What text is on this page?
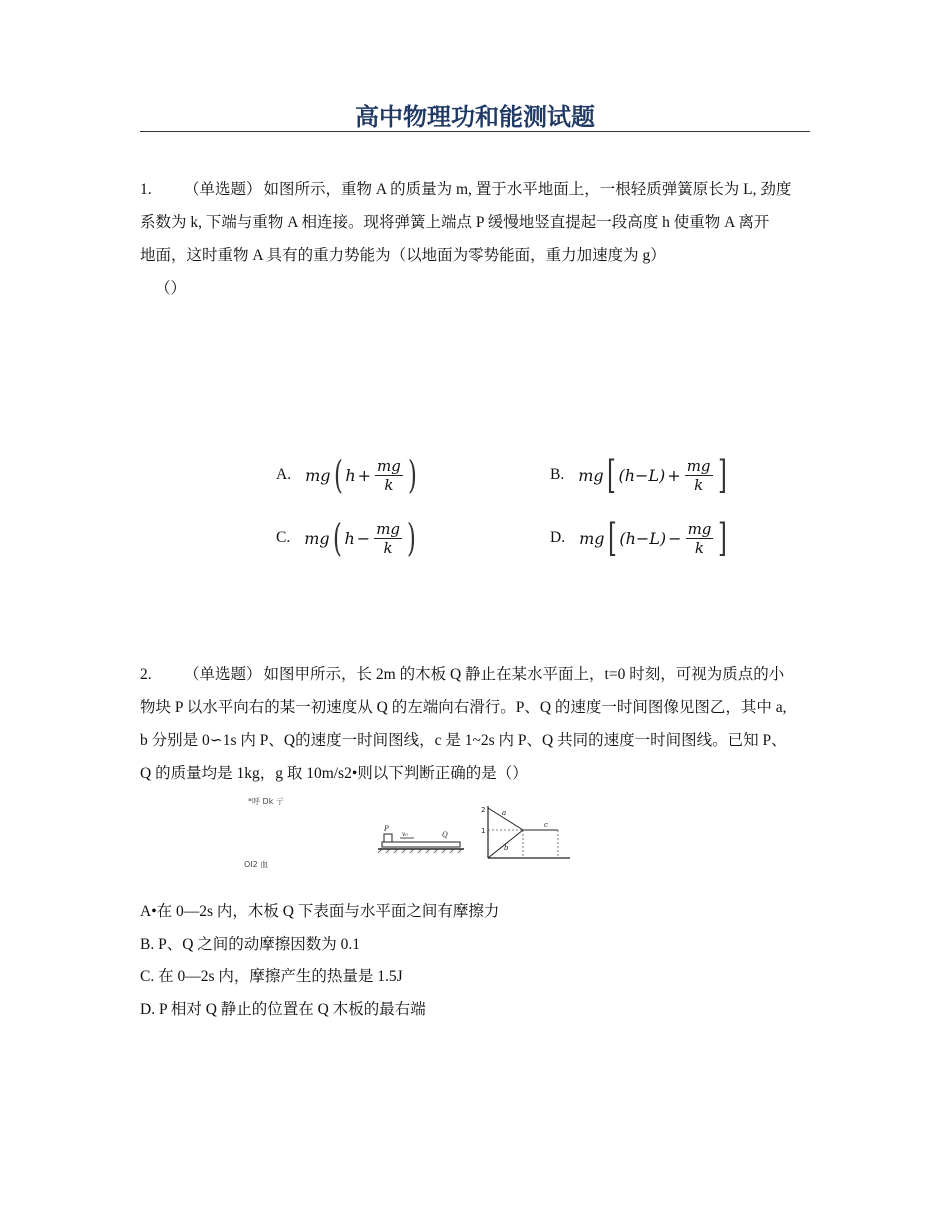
高中物理功和能测试题
1. （单选题） 如图所示，重物 A 的质量为 m, 置于水平地面上，一根轻质弹簧原长为 L, 劲度
系数为 k, 下端与重物 A 相连接。现将弹簧上端点 P 缓慢地竖直提起一段高度 h 使重物 A 离开
地面，这时重物 A 具有的重力势能为（以地面为零势能面，重力加速度为 g）
（）
A. mg ( $h + \frac{mg}{k}$ )	B. mg [ $(h-L) + \frac{mg}{k}$ ]
C. mg ( $h - \frac{mg}{k}$ )	D. mg [ $(h-L) - \frac{mg}{k}$ ]
2. （单选题） 如图甲所示，长 2m 的木板 Q 静止在某水平面上，t=0 时刻，可视为质点的小
物块 P 以水平向右的某一初速度从 Q 的左端向右滑行。P、Q 的速度一时间图像见图乙，其中 a,
b 分别是 0∽1s 内 P、Q的速度一时间图线，c 是 1~2s 内 P、Q 共同的速度一时间图线。已知 P、
Q 的质量均是 1kg，g 取 10m/s2•则以下判断正确的是（）
*呼 Dk 亍
OI2 血
P
v₀	Q
2
1
a
b
c
A•在 0—2s 内，木板 Q 下表面与水平面之间有摩擦力
B. P、Q 之间的动摩擦因数为 0.1
C. 在 0—2s 内，摩擦产生的热量是 1.5J
D. P 相对 Q 静止的位置在 Q 木板的最右端
